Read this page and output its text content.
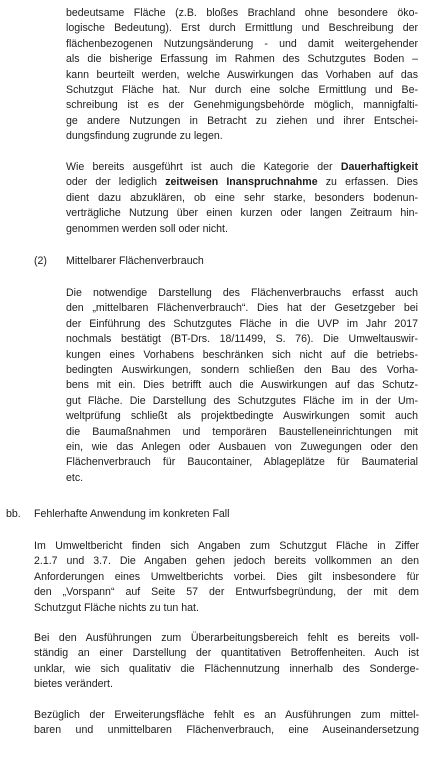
bedeutsame Fläche (z.B. bloßes Brachland ohne besondere öko-
logische Bedeutung). Erst durch Ermittlung und Beschreibung der
flächenbezogenen Nutzungsänderung - und damit weitergehender
als die bisherige Erfassung im Rahmen des Schutzgutes Boden –
kann beurteilt werden, welche Auswirkungen das Vorhaben auf das
Schutzgut Fläche hat. Nur durch eine solche Ermittlung und Be-
schreibung ist es der Genehmigungsbehörde möglich, mannigfalti-
ge andere Nutzungen in Betracht zu ziehen und ihrer Entschei-
dungsfindung zugrunde zu legen.
Wie bereits ausgeführt ist auch die Kategorie der Dauerhaftigkeit
oder der lediglich zeitweisen Inanspruchnahme zu erfassen. Dies
dient dazu abzuklären, ob eine sehr starke, besonders bodenun-
verträgliche Nutzung über einen kurzen oder langen Zeitraum hin-
genommen werden soll oder nicht.
(2) Mittelbarer Flächenverbrauch
Die notwendige Darstellung des Flächenverbrauchs erfasst auch
den „mittelbaren Flächenverbrauch“. Dies hat der Gesetzgeber bei
der Einführung des Schutzgutes Fläche in die UVP im Jahr 2017
nochmals bestätigt (BT-Drs. 18/11499, S. 76). Die Umweltauswir-
kungen eines Vorhabens beschränken sich nicht auf die betriebs-
bedingten Auswirkungen, sondern schließen den Bau des Vorha-
bens mit ein. Dies betrifft auch die Auswirkungen auf das Schutz-
gut Fläche. Die Darstellung des Schutzgutes Fläche im in der Um-
weltprüfung schließt als projektbedingte Auswirkungen somit auch
die Baumaßnahmen und temporären Baustelleneinrichtungen mit
ein, wie das Anlegen oder Ausbauen von Zuwegungen oder den
Flächenverbrauch für Baucontainer, Ablageplätze für Baumaterial
etc.
bb. Fehlerhafte Anwendung im konkreten Fall
Im Umweltbericht finden sich Angaben zum Schutzgut Fläche in Ziffer
2.1.7 und 3.7. Die Angaben gehen jedoch bereits vollkommen an den
Anforderungen eines Umweltberichts vorbei. Dies gilt insbesondere für
den „Vorspann“ auf Seite 57 der Entwurfsbegründung, der mit dem
Schutzgut Fläche nichts zu tun hat.
Bei den Ausführungen zum Überarbeitungsbereich fehlt es bereits voll-
ständig an einer Darstellung der quantitativen Betroffenheiten. Auch ist
unklar, wie sich qualitativ die Flächennutzung innerhalb des Sonderge-
bietes verändert.
Bezüglich der Erweiterungsfläche fehlt es an Ausführungen zum mittel-
baren und unmittelbaren Flächenverbrauch, eine Auseinandersetzung
